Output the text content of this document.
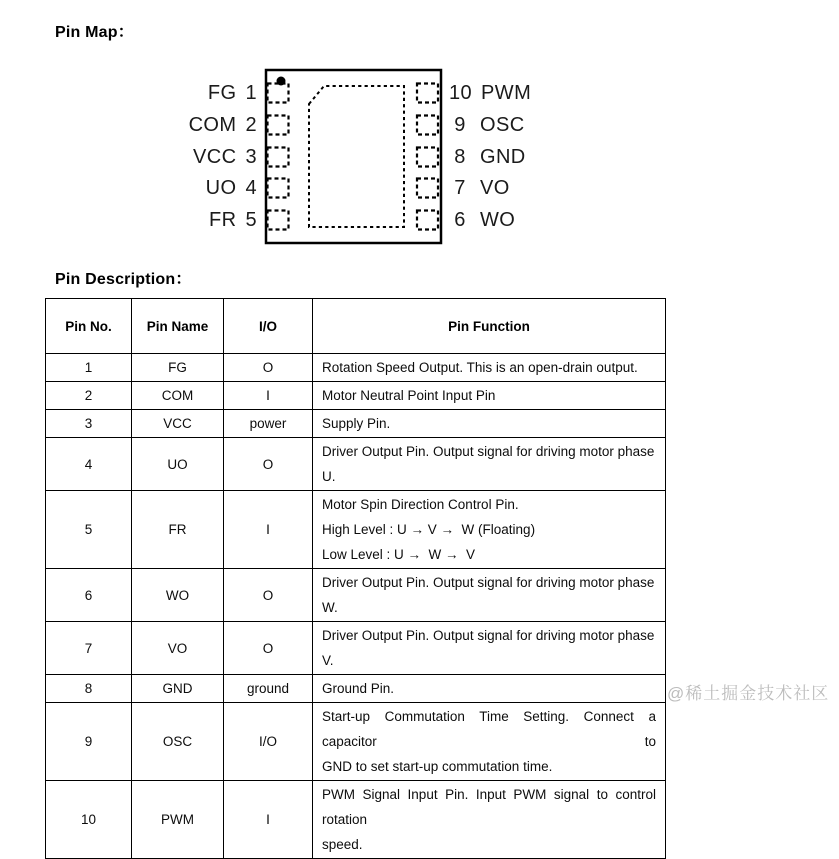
Pin Map：
FG 1
COM 2
VCC 3
UO 4
FR 5
10 PWM
9 OSC
8 GND
7 VO
6 WO
Pin Description：
Pin No.	Pin Name	I/O	Pin Function
1	FG	O	Rotation Speed Output. This is an open-drain output.

2	COM	I	Motor Neutral Point Input Pin

3	VCC	power	Supply Pin.

4	UO	O	Driver Output Pin. Output signal for driving motor phase U.

5	FR	I	Motor Spin Direction Control Pin.
High Level : U → V →  W (Floating)
Low Level : U →  W →  V

6	WO	O	Driver Output Pin. Output signal for driving motor phase W.

7	VO	O	Driver Output Pin. Output signal for driving motor phase V.

8	GND	ground	Ground Pin.

9	OSC	I/O	Start-up Commutation Time Setting. Connect a capacitor to
GND to set start-up commutation time.

10	PWM	I	PWM Signal Input Pin. Input PWM signal to control rotation
speed.
@稀土掘金技术社区
